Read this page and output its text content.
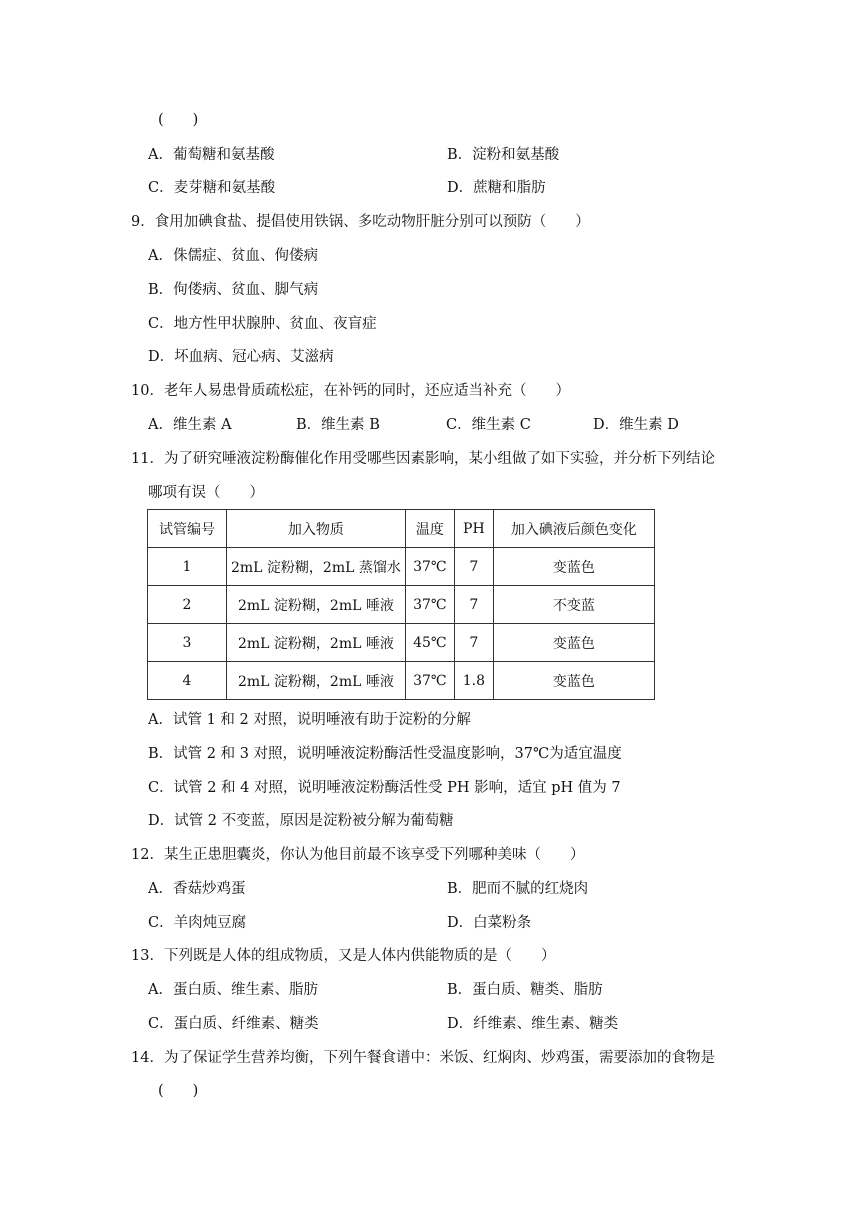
(　　)
A．葡萄糖和氨基酸	B．淀粉和氨基酸
C．麦芽糖和氨基酸	D．蔗糖和脂肪
9．食用加碘食盐、提倡使用铁锅、多吃动物肝脏分别可以预防（　　）
A．侏儒症、贫血、佝偻病
B．佝偻病、贫血、脚气病
C．地方性甲状腺肿、贫血、夜盲症
D．坏血病、冠心病、艾滋病
10．老年人易患骨质疏松症，在补钙的同时，还应适当补充（　　）
A．维生素 A	B．维生素 B	C．维生素 C	D．维生素 D
11．为了研究唾液淀粉酶催化作用受哪些因素影响，某小组做了如下实验，并分析下列结论
哪项有误（　　）
试管编号	加入物质	温度	PH	加入碘液后颜色变化
1	2mL 淀粉糊，2mL 蒸馏水	37℃	7	变蓝色
2	2mL 淀粉糊，2mL 唾液	37℃	7	不变蓝
3	2mL 淀粉糊，2mL 唾液	45℃	7	变蓝色
4	2mL 淀粉糊，2mL 唾液	37℃	1.8	变蓝色
A．试管 1 和 2 对照，说明唾液有助于淀粉的分解
B．试管 2 和 3 对照，说明唾液淀粉酶活性受温度影响，37℃为适宜温度
C．试管 2 和 4 对照，说明唾液淀粉酶活性受 PH 影响，适宜 pH 值为 7
D．试管 2 不变蓝，原因是淀粉被分解为葡萄糖
12．某生正患胆囊炎，你认为他目前最不该享受下列哪种美味（　　）
A．香菇炒鸡蛋	B．肥而不腻的红烧肉
C．羊肉炖豆腐	D．白菜粉条
13．下列既是人体的组成物质，又是人体内供能物质的是（　　）
A．蛋白质、维生素、脂肪	B．蛋白质、糖类、脂肪
C．蛋白质、纤维素、糖类	D．纤维素、维生素、糖类
14．为了保证学生营养均衡，下列午餐食谱中：米饭、红焖肉、炒鸡蛋，需要添加的食物是
(　　)
